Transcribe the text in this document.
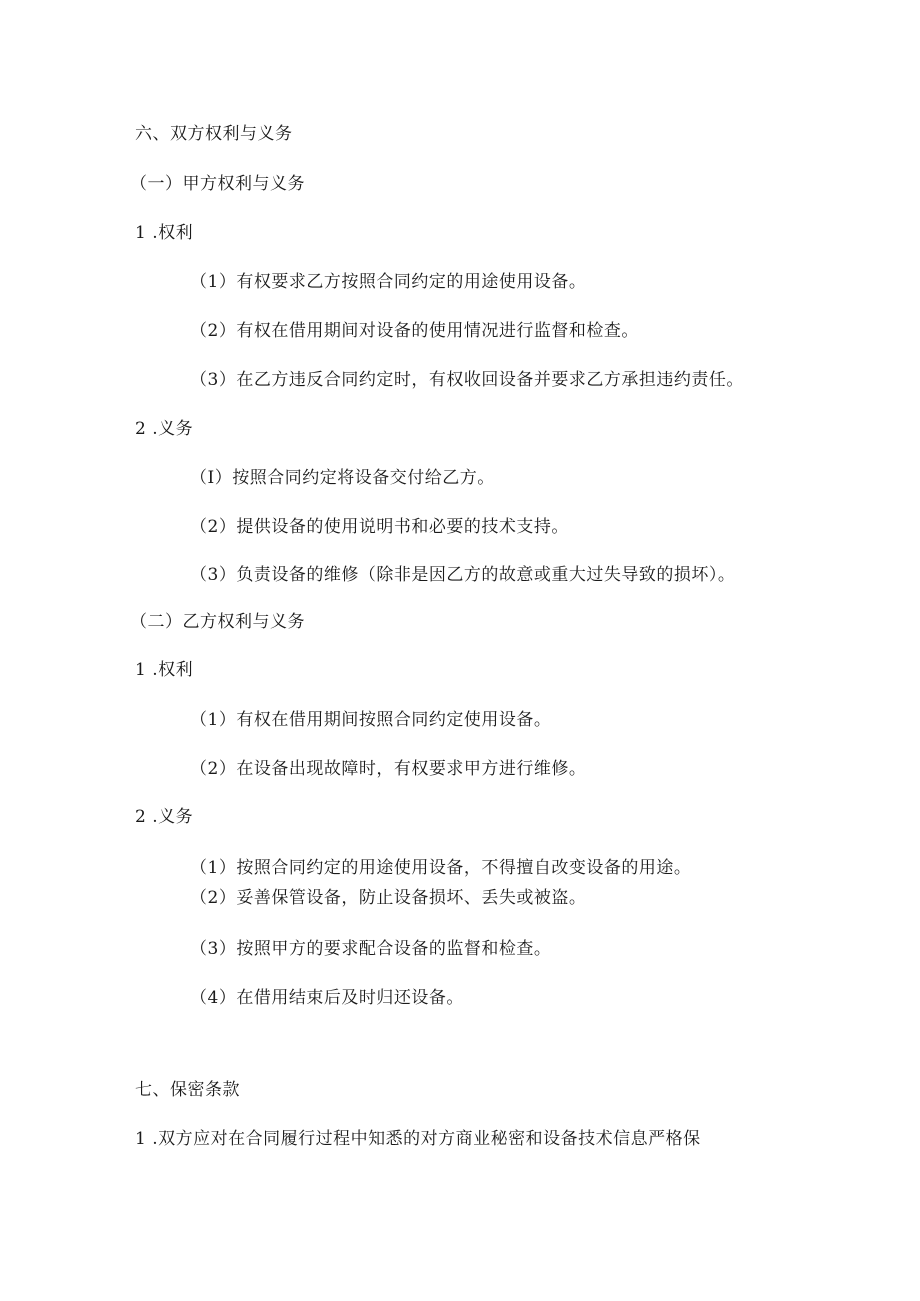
六、双方权利与义务
（一）甲方权利与义务
1 .权利
（1）有权要求乙方按照合同约定的用途使用设备。
（2）有权在借用期间对设备的使用情况进行监督和检查。
（3）在乙方违反合同约定时，有权收回设备并要求乙方承担违约责任。
2 .义务
（I）按照合同约定将设备交付给乙方。
（2）提供设备的使用说明书和必要的技术支持。
（3）负责设备的维修（除非是因乙方的故意或重大过失导致的损坏）。
（二）乙方权利与义务
1 .权利
（1）有权在借用期间按照合同约定使用设备。
（2）在设备出现故障时，有权要求甲方进行维修。
2 .义务
（1）按照合同约定的用途使用设备，不得擅自改变设备的用途。
（2）妥善保管设备，防止设备损坏、丢失或被盗。
（3）按照甲方的要求配合设备的监督和检查。
（4）在借用结束后及时归还设备。
七、保密条款
1 .双方应对在合同履行过程中知悉的对方商业秘密和设备技术信息严格保
